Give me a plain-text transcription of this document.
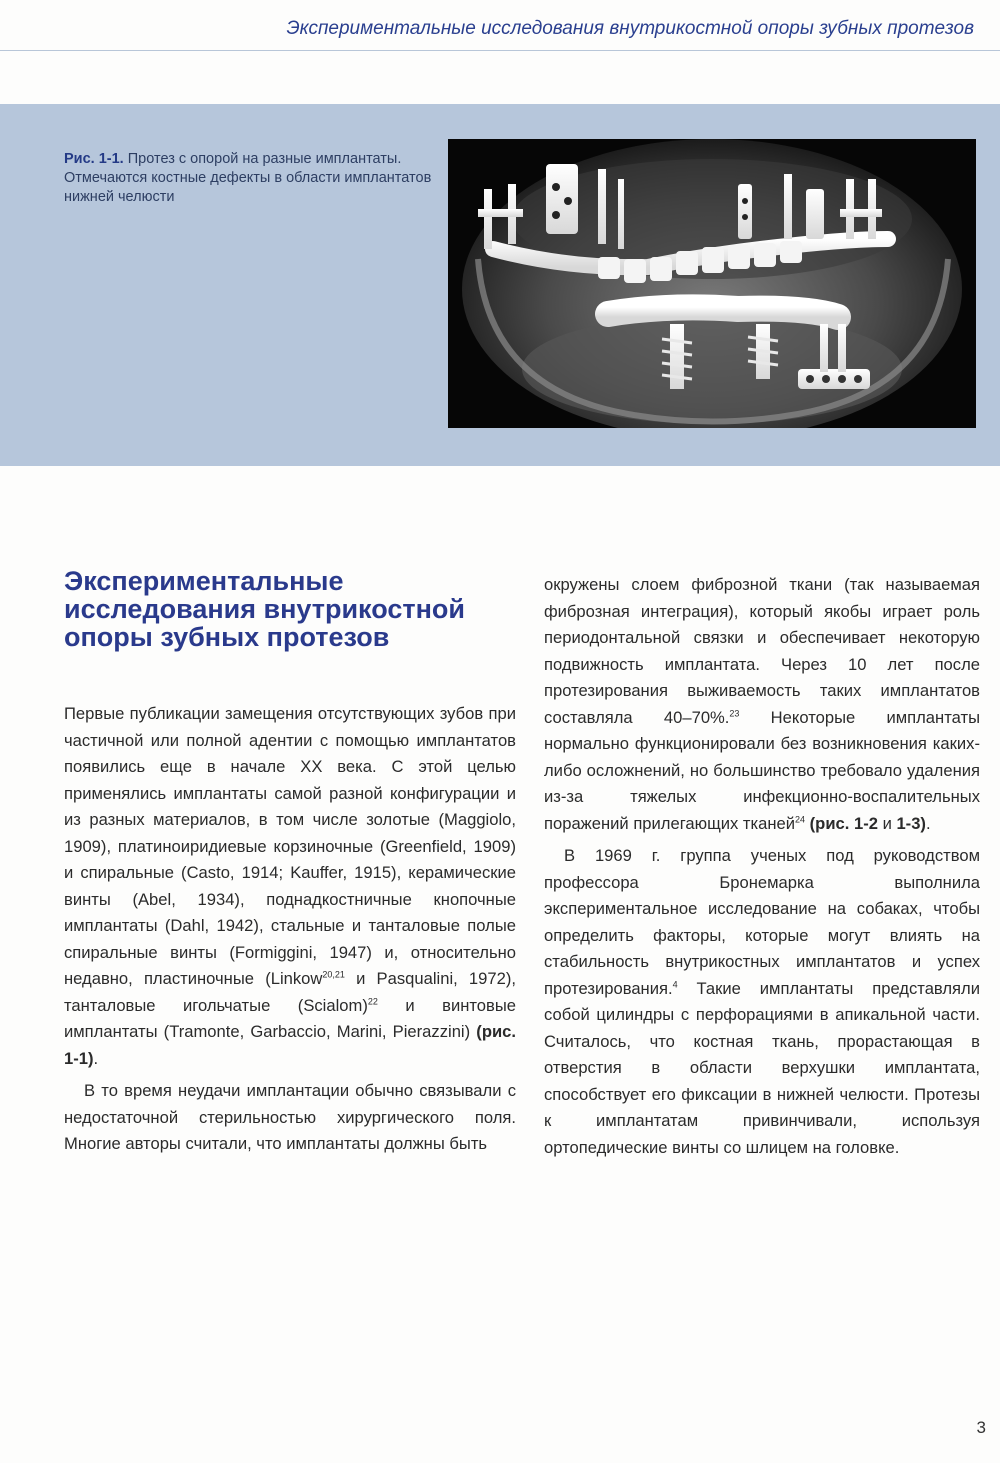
Экспериментальные исследования внутрикостной опоры зубных протезов
Рис. 1-1. Протез с опорой на разные имплантаты. Отмечаются костные дефекты в области имплантатов нижней челюсти
Экспериментальные исследования внутрикостной опоры зубных протезов

Первые публикации замещения отсутствующих зубов при частичной или полной адентии с помощью имплантатов появились еще в начале XX века. С этой целью применялись имплантаты самой разной конфигурации и из разных материалов, в том числе золотые (Maggiolo, 1909), платиноиридиевые корзиночные (Greenfield, 1909) и спиральные (Casto, 1914; Kauffer, 1915), керамические винты (Abel, 1934), поднадкостничные кнопочные имплантаты (Dahl, 1942), стальные и танталовые полые спиральные винты (Formiggini, 1947) и, относительно недавно, пластиночные (Linkow$^{20,21}$ и Pasqualini, 1972), танталовые игольчатые (Scialom)$^{22}$ и винтовые имплантаты (Tramonte, Garbaccio, Marini, Pierazzini) (рис. 1-1).

В то время неудачи имплантации обычно связывали с недостаточной стерильностью хирургического поля. Многие авторы считали, что имплантаты должны быть

окружены слоем фиброзной ткани (так называемая фиброзная интеграция), который якобы играет роль периодонтальной связки и обеспечивает некоторую подвижность имплантата. Через 10 лет после протезирования выживаемость таких имплантатов составляла 40–70%.$^{23}$ Некоторые имплантаты нормально функционировали без возникновения каких-либо осложнений, но большинство требовало удаления из-за тяжелых инфекционно-воспалительных поражений прилегающих тканей$^{24}$ (рис. 1-2 и 1-3).

В 1969 г. группа ученых под руководством профессора Бронемарка выполнила экспериментальное исследование на собаках, чтобы определить факторы, которые могут влиять на стабильность внутрикостных имплантатов и успех протезирования.$^4$ Такие имплантаты представляли собой цилиндры с перфорациями в апикальной части. Считалось, что костная ткань, прорастающая в отверстия в области верхушки имплантата, способствует его фиксации в нижней челюсти. Протезы к имплантатам привинчивали, используя ортопедические винты со шлицем на головке.

3
